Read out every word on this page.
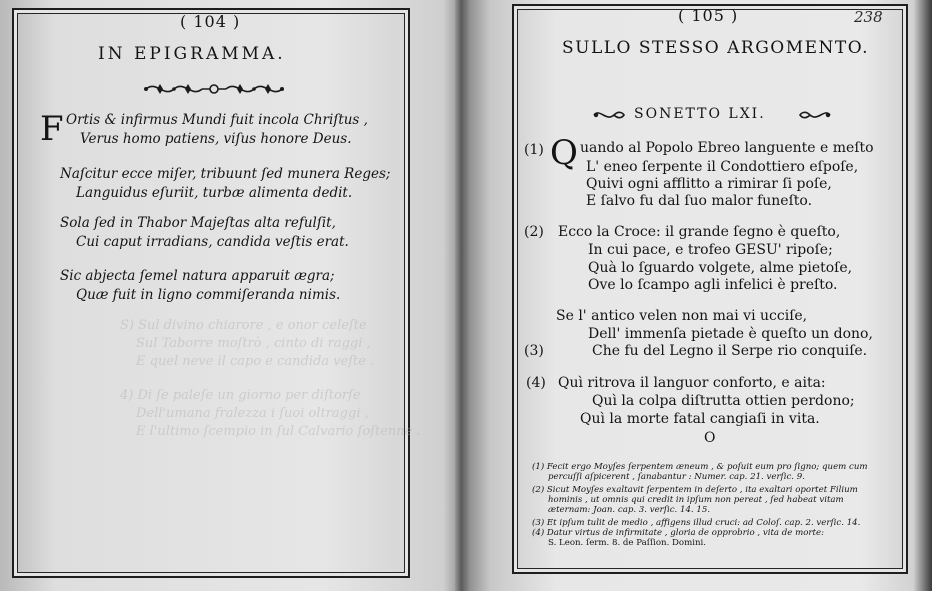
S) Sul divino chiarore , e onor celeſte
Sul Taborre moſtrò , cinto di raggi ,
E quel neve il capo e candida veſte .
4) Di ſe paleſe un giorno per diſtorſe
Dell'umana fralezza i ſuoi oltraggi ,
E l'ultimo ſcempio in ſul Calvario ſoſtenne .
( 104 )
IN EPIGRAMMA.
F Ortis & infirmus Mundi fuit incola Chriſtus ,
Verus homo patiens, viſus honore Deus.
Naſcitur ecce miſer, tribuunt ſed munera Reges;
Languidus eſuriit, turbæ alimenta dedit.
Sola ſed in Thabor Majeſtas alta refulſit,
Cui caput irradians, candida veſtis erat.
Sic abjecta ſemel natura apparuit ægra;
Quæ fuit in ligno commiſeranda nimis.
( 105 )	238
SULLO STESSO ARGOMENTO.
SONETTO LXI.
(1) Q uando al Popolo Ebreo languente e meſto
L' eneo ſerpente il Condottiero eſpoſe,
Quivi ogni afflitto a rimirar ſi poſe,
E ſalvo fu dal ſuo malor funeſto.
(2) Ecco la Croce: il grande ſegno è queſto,
In cui pace, e trofeo GESU' ripoſe;
Quà lo ſguardo volgete, alme pietoſe,
Ove lo ſcampo agli infelici è preſto.
Se l' antico velen non mai vi ucciſe,
Dell' immenſa pietade è queſto un dono,
(3)	Che fu del Legno il Serpe rio conquiſe.
(4) Quì ritrova il languor conforto, e aita:
Quì la colpa diſtrutta ottien perdono;
Quì la morte fatal cangiaſi in vita.
O
(1) Fecit ergo Moyſes ſerpentem æneum , & poſuit eum pro ſigno; quem cum
percuſſi aſpicerent , ſanabantur : Numer. cap. 21. verſic. 9.
(2) Sicut Moyſes exaltavit ſerpentem in deſerto , ita exaltari oportet Filium
hominis , ut omnis qui credit in ipſum non pereat , ſed habeat vitam
æternam: Joan. cap. 3. verſic. 14. 15.
(3) Et ipſum tulit de medio , affigens illud cruci: ad Coloſ. cap. 2. verſic. 14.
(4) Datur virtus de infirmitate , gloria de opprobrio , vita de morte:
S. Leon. ſerm. 8. de Paſſion. Domini.
